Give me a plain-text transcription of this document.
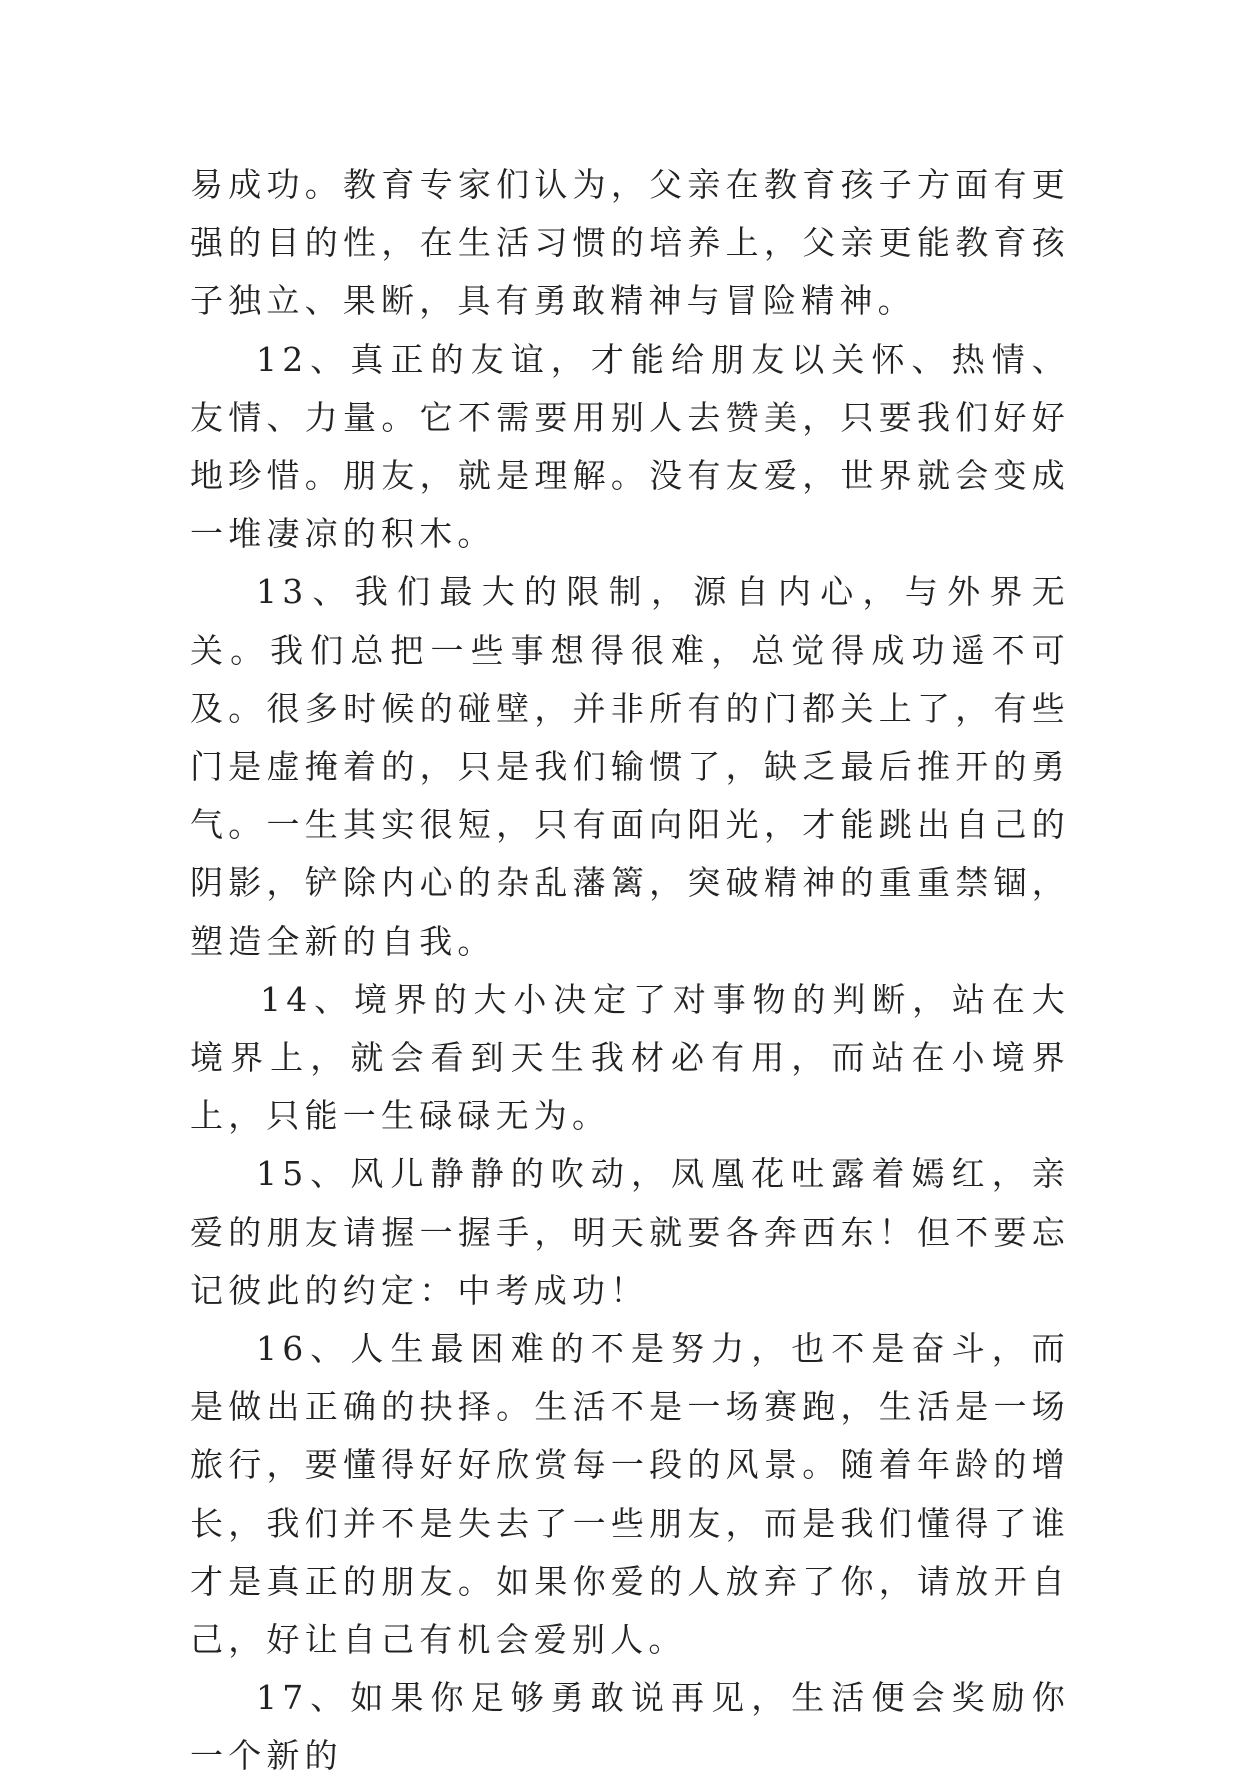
易成功。教育专家们认为，父亲在教育孩子方面有更强的目的性，在生活习惯的培养上，父亲更能教育孩子独立、果断，具有勇敢精神与冒险精神。

12、真正的友谊，才能给朋友以关怀、热情、友情、力量。它不需要用别人去赞美，只要我们好好地珍惜。朋友，就是理解。没有友爱，世界就会变成一堆凄凉的积木。

13、我们最大的限制，源自内心，与外界无关。我们总把一些事想得很难，总觉得成功遥不可及。很多时候的碰壁，并非所有的门都关上了，有些门是虚掩着的，只是我们输惯了，缺乏最后推开的勇气。一生其实很短，只有面向阳光，才能跳出自己的阴影，铲除内心的杂乱藩篱，突破精神的重重禁锢，塑造全新的自我。

14、境界的大小决定了对事物的判断，站在大境界上，就会看到天生我材必有用，而站在小境界上，只能一生碌碌无为。

15、风儿静静的吹动，凤凰花吐露着嫣红，亲爱的朋友请握一握手，明天就要各奔西东！但不要忘记彼此的约定：中考成功！

16、人生最困难的不是努力，也不是奋斗，而是做出正确的抉择。生活不是一场赛跑，生活是一场旅行，要懂得好好欣赏每一段的风景。随着年龄的增长，我们并不是失去了一些朋友，而是我们懂得了谁才是真正的朋友。如果你爱的人放弃了你，请放开自己，好让自己有机会爱别人。

17、如果你足够勇敢说再见，生活便会奖励你一个新的
